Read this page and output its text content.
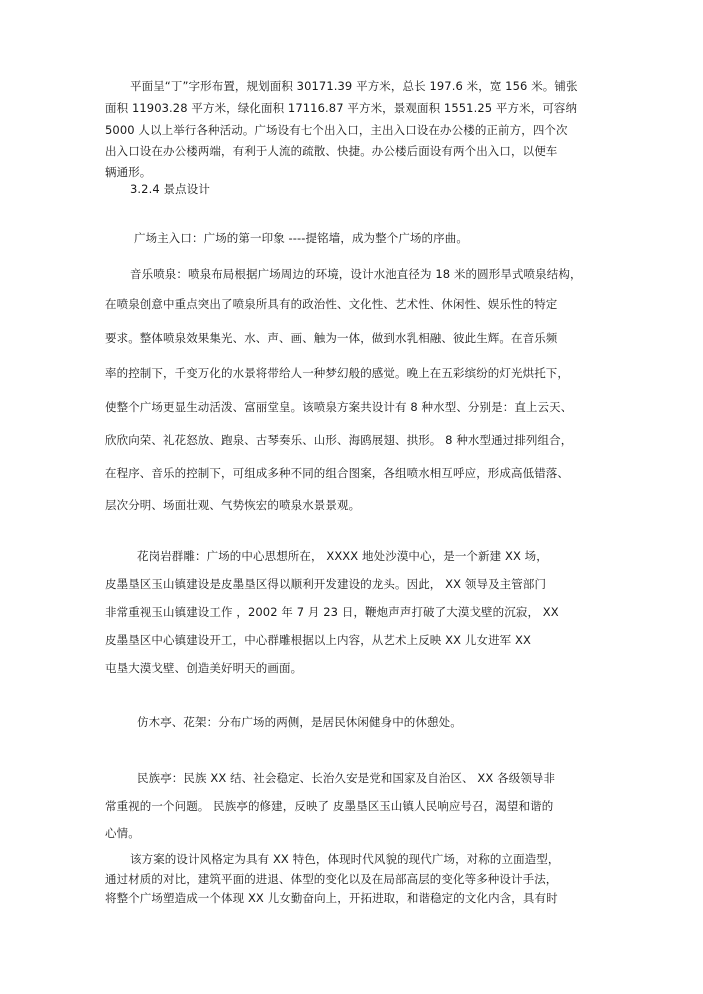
平面呈“丁”字形布置，规划面积 30171.39 平方米，总长 197.6 米，宽 156 米。铺张
面积 11903.28 平方米，绿化面积 17116.87 平方米，景观面积 1551.25 平方米，可容纳
5000 人以上举行各种活动。广场设有七个出入口，主出入口设在办公楼的正前方，四个次
出入口设在办公楼两端，有利于人流的疏散、快捷。办公楼后面设有两个出入口，以便车
辆通形。
3.2.4 景点设计
广场主入口：广场的第一印象 ----提铭墙，成为整个广场的序曲。
音乐喷泉：喷泉布局根据广场周边的环境，设计水池直径为 18 米的圆形旱式喷泉结构，
在喷泉创意中重点突出了喷泉所具有的政治性、文化性、艺术性、休闲性、娱乐性的特定
要求。整体喷泉效果集光、水、声、画、触为一体，做到水乳相融、彼此生辉。在音乐频
率的控制下，千变万化的水景将带给人一种梦幻般的感觉。晚上在五彩缤纷的灯光烘托下，
使整个广场更显生动活泼、富丽堂皇。该喷泉方案共设计有 8 种水型、分别是：直上云天、
欣欣向荣、礼花怒放、跑泉、古琴奏乐、山形、海鸥展翅、拱形。 8 种水型通过排列组合，
在程序、音乐的控制下，可组成多种不同的组合图案，各组喷水相互呼应，形成高低错落、
层次分明、场面壮观、气势恢宏的喷泉水景景观。
花岗岩群雕：广场的中心思想所在， XXXX 地处沙漠中心，是一个新建 XX 场，
皮墨垦区玉山镇建设是皮墨垦区得以顺利开发建设的龙头。因此， XX 领导及主管部门
非常重视玉山镇建设工作 ，2002 年 7 月 23 日，鞭炮声声打破了大漠戈壁的沉寂， XX
皮墨垦区中心镇建设开工，中心群雕根据以上内容，从艺术上反映 XX 儿女进军 XX
屯垦大漠戈壁、创造美好明天的画面。
仿木亭、花架：分布广场的两侧，是居民休闲健身中的休憩处。
民族亭：民族 XX 结、社会稳定、长治久安是党和国家及自治区、 XX 各级领导非
常重视的一个问题。 民族亭的修建，反映了 皮墨垦区玉山镇人民响应号召，渴望和谐的
心情。
该方案的设计风格定为具有 XX 特色，体现时代风貌的现代广场，对称的立面造型，
通过材质的对比，建筑平面的进退、体型的变化以及在局部高层的变化等多种设计手法，
将整个广场塑造成一个体现 XX 儿女勤奋向上，开拓进取，和谐稳定的文化内含，具有时
